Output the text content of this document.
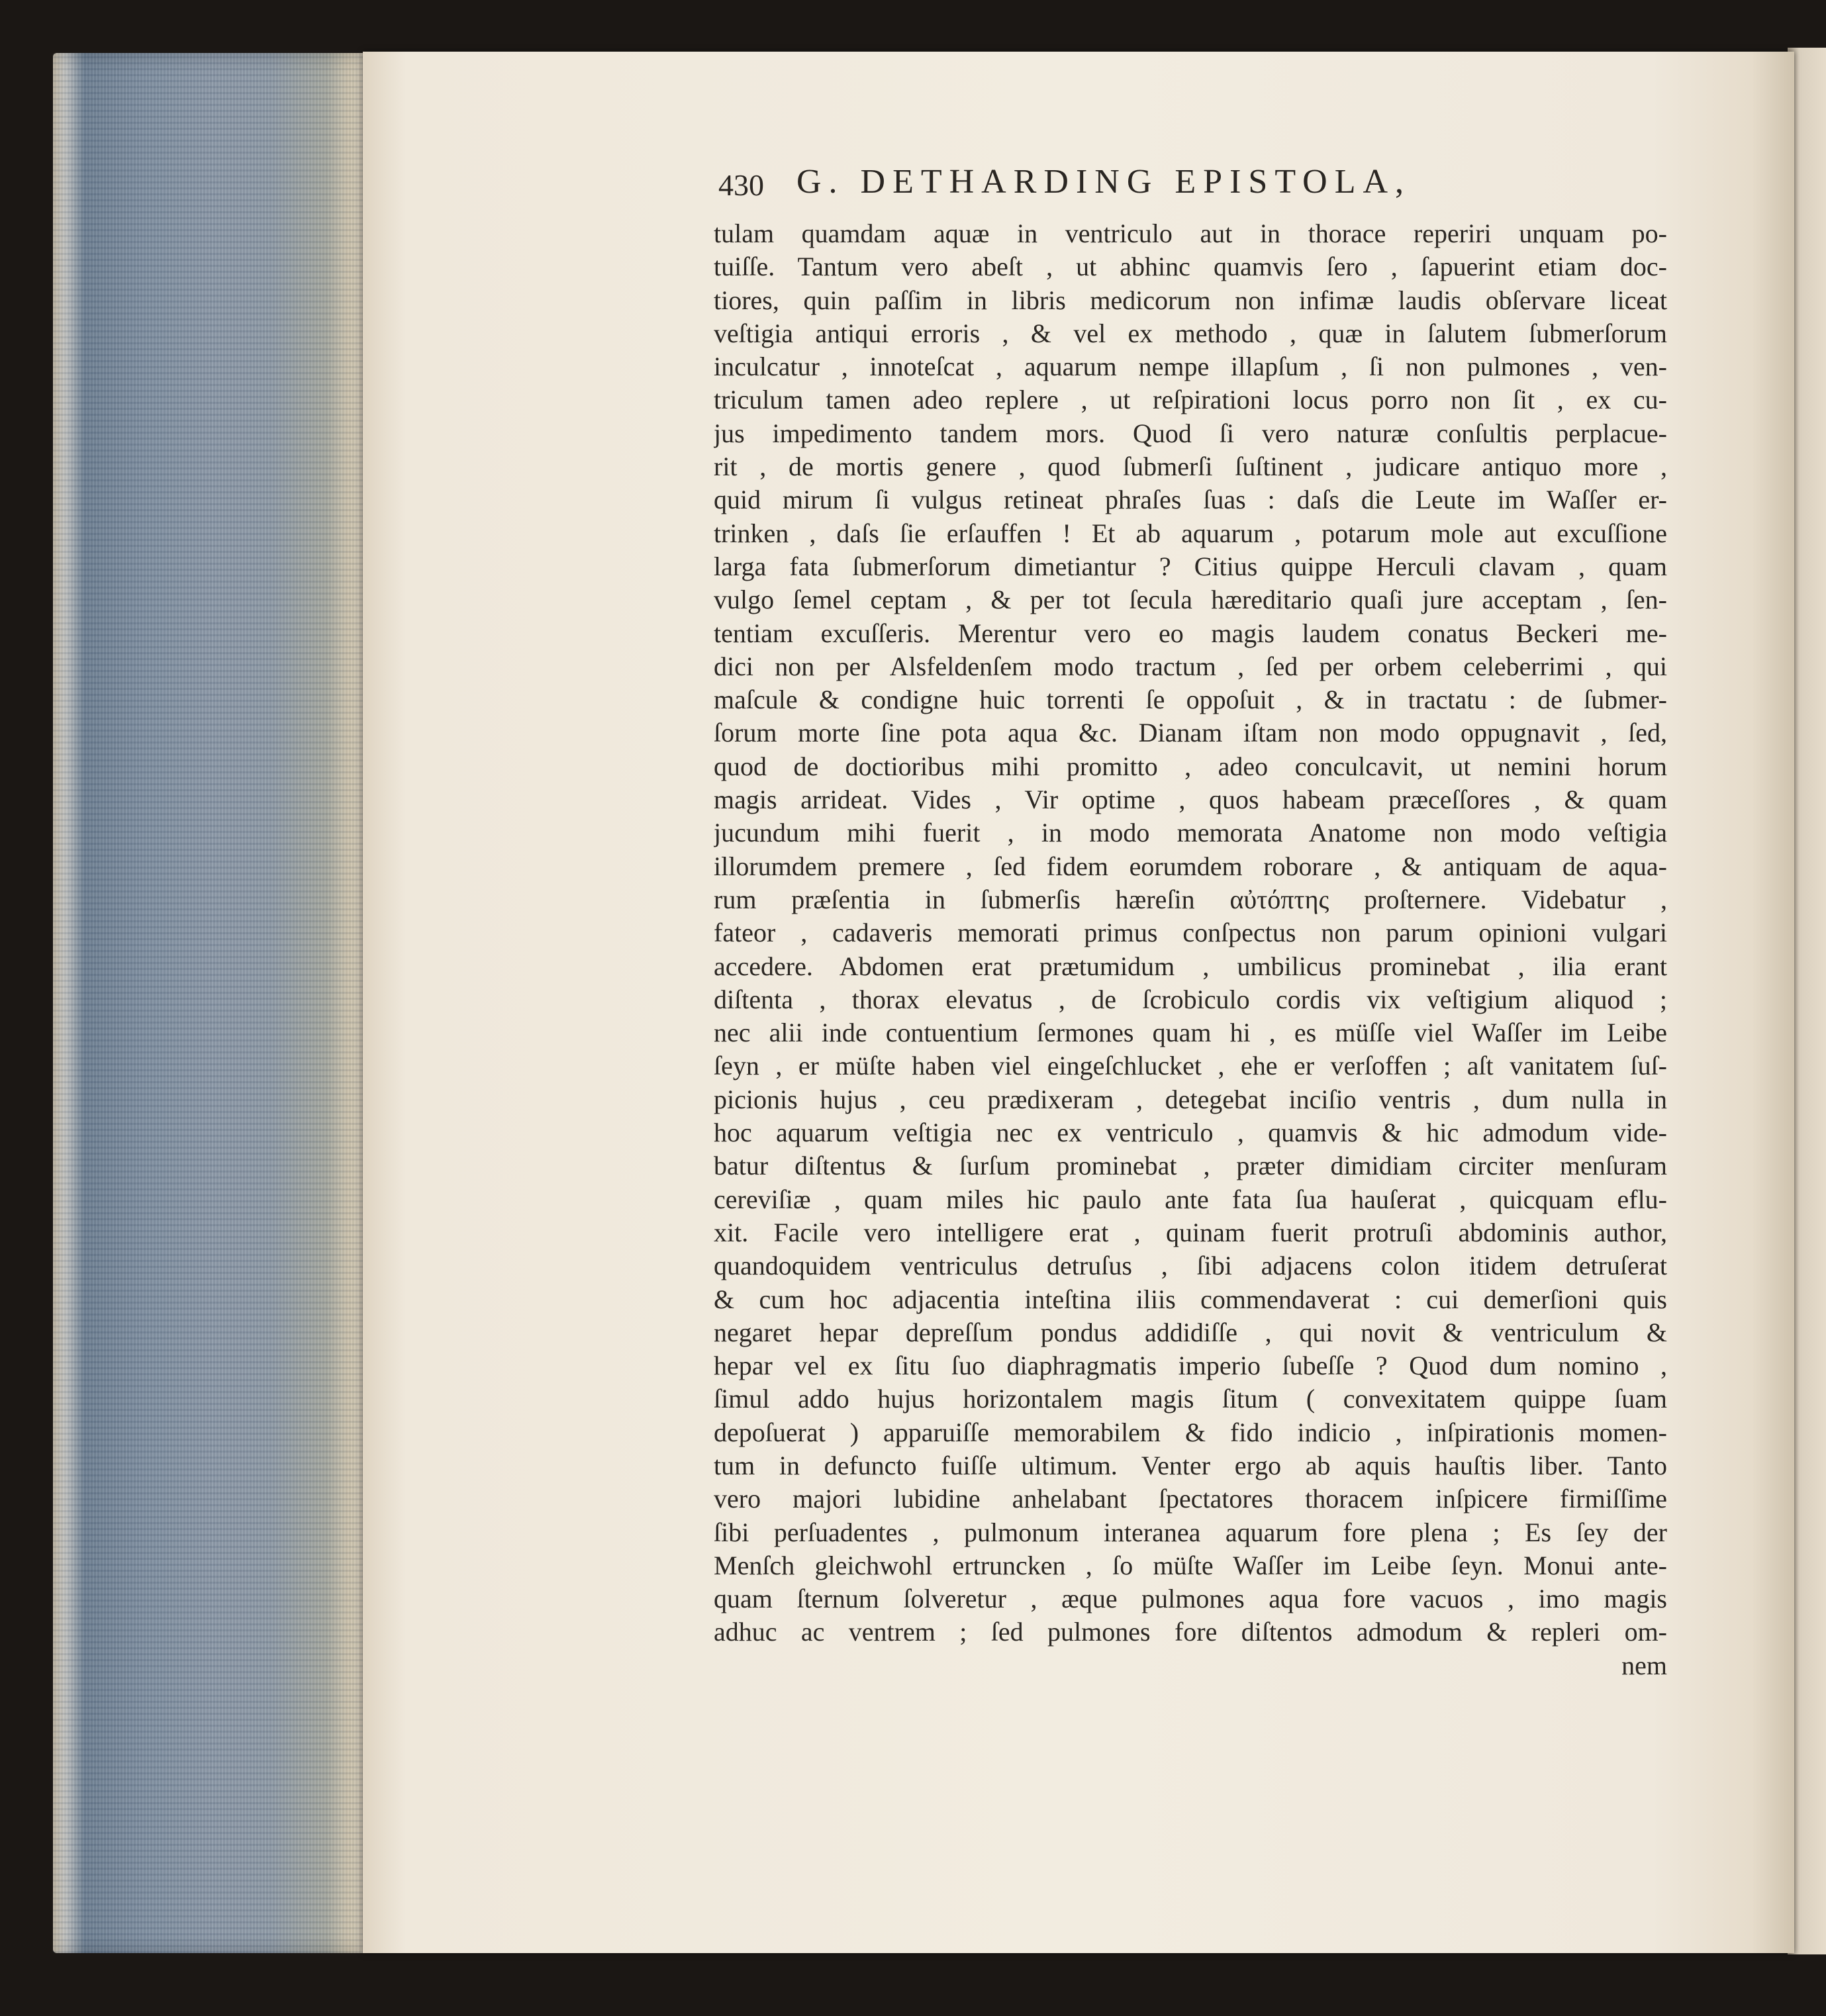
430 G. DETHARDING EPISTOLA,
tulam quamdam aquæ in ventriculo aut in thorace reperiri unquam po-
tuiſſe. Tantum vero abeſt , ut abhinc quamvis ſero , ſapuerint etiam doc-
tiores, quin paſſim in libris medicorum non infimæ laudis obſervare liceat
veſtigia antiqui erroris , & vel ex methodo , quæ in ſalutem ſubmerſorum
inculcatur , innoteſcat , aquarum nempe illapſum , ſi non pulmones , ven-
triculum tamen adeo replere , ut reſpirationi locus porro non ſit , ex cu-
jus impedimento tandem mors. Quod ſi vero naturæ conſultis perplacue-
rit , de mortis genere , quod ſubmerſi ſuſtinent , judicare antiquo more ,
quid mirum ſi vulgus retineat phraſes ſuas : daſs die Leute im Waſſer er-
trinken , daſs ſie erſauffen ! Et ab aquarum , potarum mole aut excuſſione
larga fata ſubmerſorum dimetiantur ? Citius quippe Herculi clavam , quam
vulgo ſemel ceptam , & per tot ſecula hæreditario quaſi jure acceptam , ſen-
tentiam excuſſeris. Merentur vero eo magis laudem conatus Beckeri me-
dici non per Alsfeldenſem modo tractum , ſed per orbem celeberrimi , qui
maſcule & condigne huic torrenti ſe oppoſuit , & in tractatu : de ſubmer-
ſorum morte ſine pota aqua &c. Dianam iſtam non modo oppugnavit , ſed,
quod de doctioribus mihi promitto , adeo conculcavit, ut nemini horum
magis arrideat. Vides , Vir optime , quos habeam præceſſores , & quam
jucundum mihi fuerit , in modo memorata Anatome non modo veſtigia
illorumdem premere , ſed fidem eorumdem roborare , & antiquam de aqua-
rum præſentia in ſubmerſis hæreſin αὐτόπτης proſternere. Videbatur ,
fateor , cadaveris memorati primus conſpectus non parum opinioni vulgari
accedere. Abdomen erat prætumidum , umbilicus prominebat , ilia erant
diſtenta , thorax elevatus , de ſcrobiculo cordis vix veſtigium aliquod ;
nec alii inde contuentium ſermones quam hi , es müſſe viel Waſſer im Leibe
ſeyn , er müſte haben viel eingeſchlucket , ehe er verſoffen ; aſt vanitatem ſuſ-
picionis hujus , ceu prædixeram , detegebat inciſio ventris , dum nulla in
hoc aquarum veſtigia nec ex ventriculo , quamvis & hic admodum vide-
batur diſtentus & ſurſum prominebat , præter dimidiam circiter menſuram
cereviſiæ , quam miles hic paulo ante fata ſua hauſerat , quicquam eflu-
xit. Facile vero intelligere erat , quinam fuerit protruſi abdominis author,
quandoquidem ventriculus detruſus , ſibi adjacens colon itidem detruſerat
& cum hoc adjacentia inteſtina iliis commendaverat : cui demerſioni quis
negaret hepar depreſſum pondus addidiſſe , qui novit & ventriculum &
hepar vel ex ſitu ſuo diaphragmatis imperio ſubeſſe ? Quod dum nomino ,
ſimul addo hujus horizontalem magis ſitum ( convexitatem quippe ſuam
depoſuerat ) apparuiſſe memorabilem & fido indicio , inſpirationis momen-
tum in defuncto fuiſſe ultimum. Venter ergo ab aquis hauſtis liber. Tanto
vero majori lubidine anhelabant ſpectatores thoracem inſpicere firmiſſime
ſibi perſuadentes , pulmonum interanea aquarum fore plena ; Es ſey der
Menſch gleichwohl ertruncken , ſo müſte Waſſer im Leibe ſeyn. Monui ante-
quam ſternum ſolveretur , æque pulmones aqua fore vacuos , imo magis
adhuc ac ventrem ; ſed pulmones fore diſtentos admodum & repleri om-
nem
